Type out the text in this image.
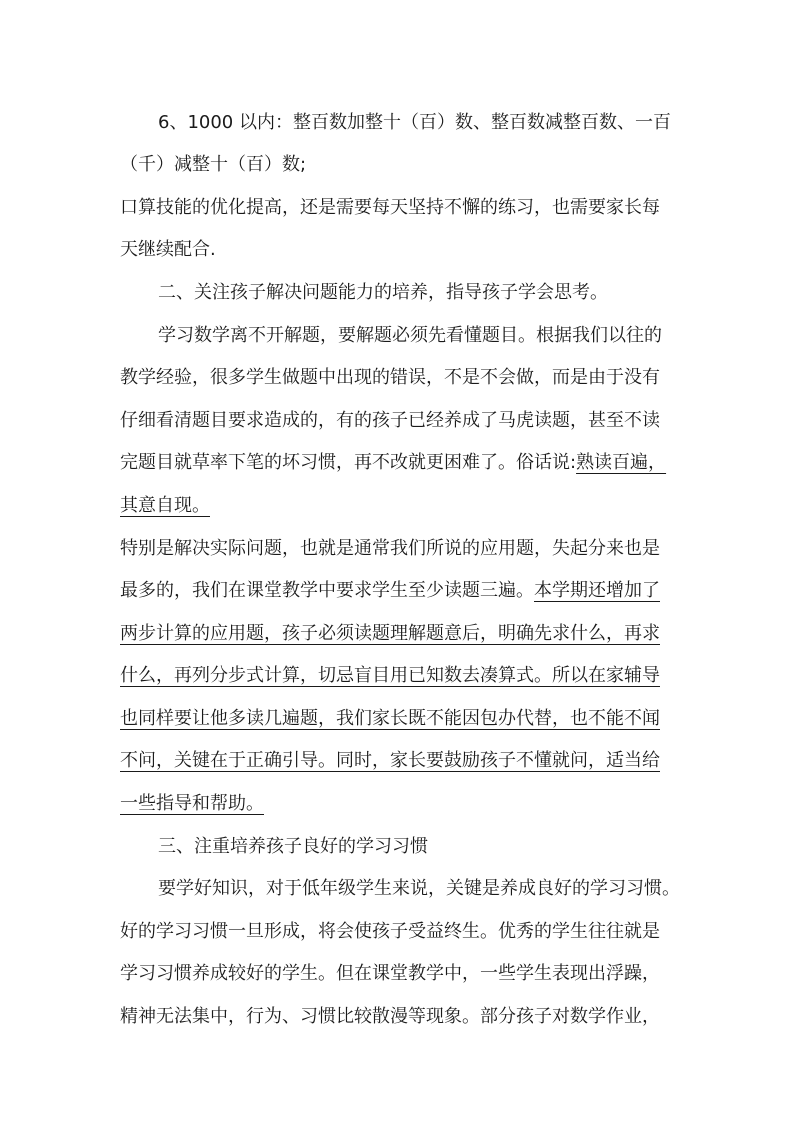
6、1000 以内：整百数加整十（百）数、整百数减整百数、一百
（千）减整十（百）数;
口算技能的优化提高，还是需要每天坚持不懈的练习，也需要家长每
天继续配合.
二、关注孩子解决问题能力的培养，指导孩子学会思考。
学习数学离不开解题，要解题必须先看懂题目。根据我们以往的
教学经验，很多学生做题中出现的错误，不是不会做，而是由于没有
仔细看清题目要求造成的，有的孩子已经养成了马虎读题，甚至不读
完题目就草率下笔的坏习惯，再不改就更困难了。俗话说:熟读百遍，
其意自现。
特别是解决实际问题，也就是通常我们所说的应用题，失起分来也是
最多的，我们在课堂教学中要求学生至少读题三遍。本学期还增加了
两步计算的应用题，孩子必须读题理解题意后，明确先求什么，再求
什么，再列分步式计算，切忌盲目用已知数去凑算式。所以在家辅导
也同样要让他多读几遍题，我们家长既不能因包办代替，也不能不闻
不问，关键在于正确引导。同时，家长要鼓励孩子不懂就问，适当给
一些指导和帮助。
三、注重培养孩子良好的学习习惯
要学好知识，对于低年级学生来说，关键是养成良好的学习习惯。
好的学习习惯一旦形成，将会使孩子受益终生。优秀的学生往往就是
学习习惯养成较好的学生。但在课堂教学中，一些学生表现出浮躁，
精神无法集中，行为、习惯比较散漫等现象。部分孩子对数学作业，
